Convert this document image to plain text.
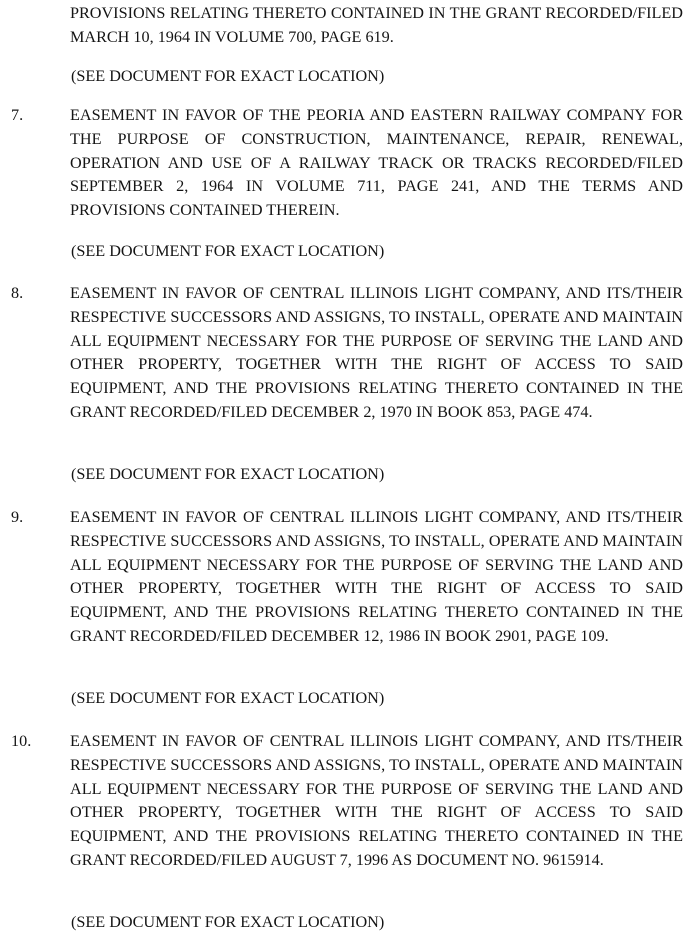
PROVISIONS RELATING THERETO CONTAINED IN THE GRANT RECORDED/FILED MARCH 10, 1964 IN VOLUME 700, PAGE 619.

(SEE DOCUMENT FOR EXACT LOCATION)

7.	EASEMENT IN FAVOR OF THE PEORIA AND EASTERN RAILWAY COMPANY FOR THE PURPOSE OF CONSTRUCTION, MAINTENANCE, REPAIR, RENEWAL, OPERATION AND USE OF A RAILWAY TRACK OR TRACKS RECORDED/FILED SEPTEMBER 2, 1964 IN VOLUME 711, PAGE 241, AND THE TERMS AND PROVISIONS CONTAINED THEREIN.

(SEE DOCUMENT FOR EXACT LOCATION)

8.	EASEMENT IN FAVOR OF CENTRAL ILLINOIS LIGHT COMPANY, AND ITS/THEIR RESPECTIVE SUCCESSORS AND ASSIGNS, TO INSTALL, OPERATE AND MAINTAIN ALL EQUIPMENT NECESSARY FOR THE PURPOSE OF SERVING THE LAND AND OTHER PROPERTY, TOGETHER WITH THE RIGHT OF ACCESS TO SAID EQUIPMENT, AND THE PROVISIONS RELATING THERETO CONTAINED IN THE GRANT RECORDED/FILED DECEMBER 2, 1970 IN BOOK 853, PAGE 474.

(SEE DOCUMENT FOR EXACT LOCATION)

9.	EASEMENT IN FAVOR OF CENTRAL ILLINOIS LIGHT COMPANY, AND ITS/THEIR RESPECTIVE SUCCESSORS AND ASSIGNS, TO INSTALL, OPERATE AND MAINTAIN ALL EQUIPMENT NECESSARY FOR THE PURPOSE OF SERVING THE LAND AND OTHER PROPERTY, TOGETHER WITH THE RIGHT OF ACCESS TO SAID EQUIPMENT, AND THE PROVISIONS RELATING THERETO CONTAINED IN THE GRANT RECORDED/FILED DECEMBER 12, 1986 IN BOOK 2901, PAGE 109.

(SEE DOCUMENT FOR EXACT LOCATION)

10. EASEMENT IN FAVOR OF CENTRAL ILLINOIS LIGHT COMPANY, AND ITS/THEIR RESPECTIVE SUCCESSORS AND ASSIGNS, TO INSTALL, OPERATE AND MAINTAIN ALL EQUIPMENT NECESSARY FOR THE PURPOSE OF SERVING THE LAND AND OTHER PROPERTY, TOGETHER WITH THE RIGHT OF ACCESS TO SAID EQUIPMENT, AND THE PROVISIONS RELATING THERETO CONTAINED IN THE GRANT RECORDED/FILED AUGUST 7, 1996 AS DOCUMENT NO. 9615914.

(SEE DOCUMENT FOR EXACT LOCATION)
